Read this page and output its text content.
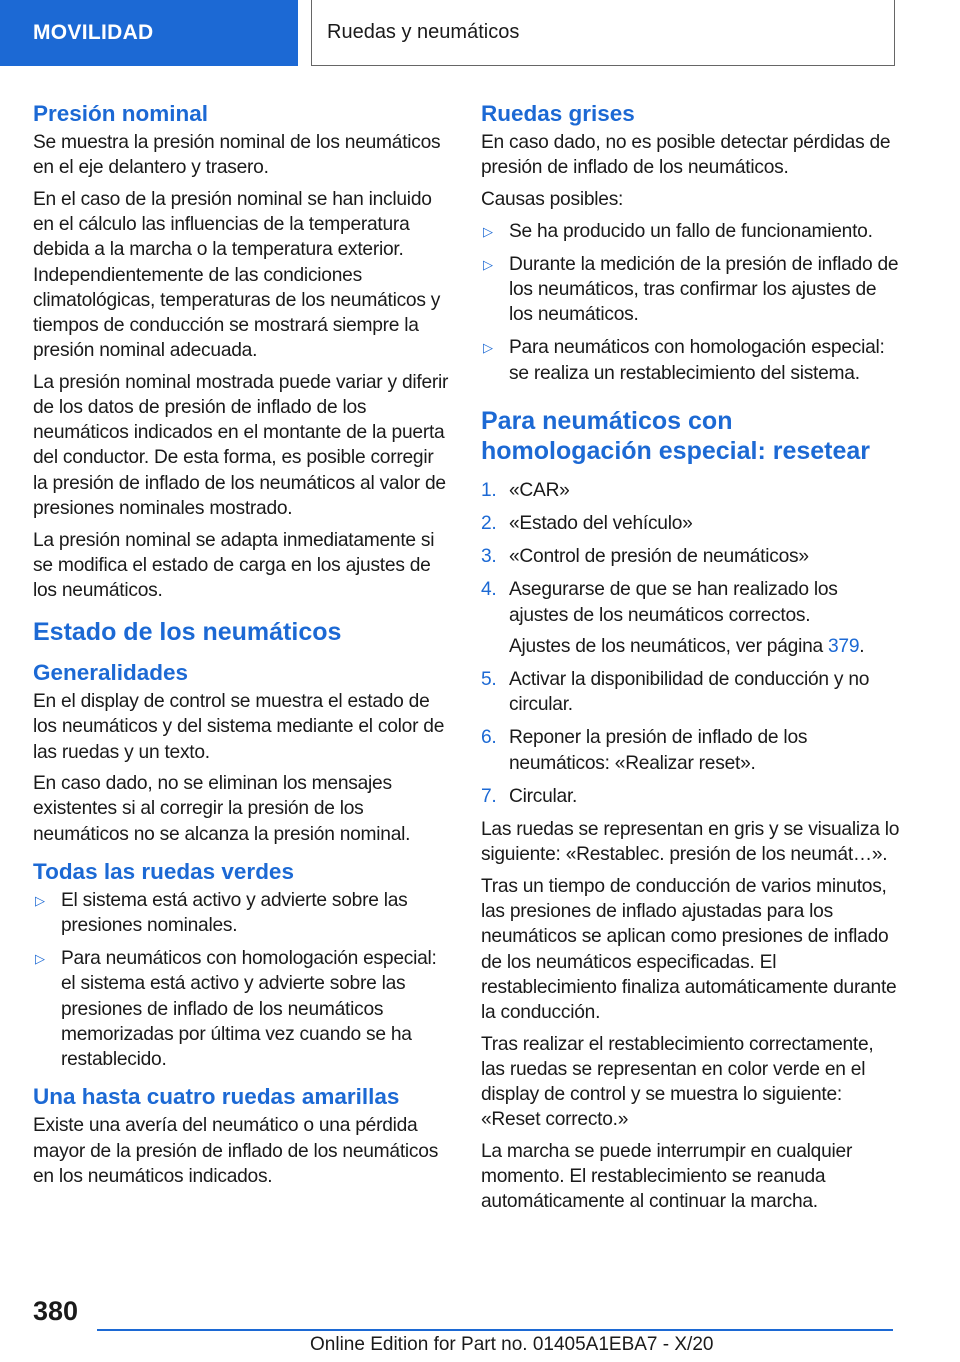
MOVILIDAD	Ruedas y neumáticos
Presión nominal

Se muestra la presión nominal de los neumáticos en el eje delantero y trasero.

En el caso de la presión nominal se han incluido en el cálculo las influencias de la temperatura debida a la marcha o la temperatura exterior. Independientemente de las condiciones climatológicas, temperaturas de los neumáticos y tiempos de conducción se mostrará siempre la presión nominal adecuada.

La presión nominal mostrada puede variar y diferir de los datos de presión de inflado de los neumáticos indicados en el montante de la puerta del conductor. De esta forma, es posible corregir la presión de inflado de los neumáticos al valor de presiones nominales mostrado.

La presión nominal se adapta inmediatamente si se modifica el estado de carga en los ajustes de los neumáticos.

Estado de los neumáticos
Generalidades

En el display de control se muestra el estado de los neumáticos y del sistema mediante el color de las ruedas y un texto.

En caso dado, no se eliminan los mensajes existentes si al corregir la presión de los neumáticos no se alcanza la presión nominal.

Todas las ruedas verdes
▷ El sistema está activo y advierte sobre las presiones nominales.
▷ Para neumáticos con homologación especial: el sistema está activo y advierte sobre las presiones de inflado de los neumáticos memorizadas por última vez cuando se ha restablecido.
Una hasta cuatro ruedas amarillas

Existe una avería del neumático o una pérdida mayor de la presión de inflado de los neumáticos en los neumáticos indicados.

Ruedas grises

En caso dado, no es posible detectar pérdidas de presión de inflado de los neumáticos.

Causas posibles:

▷ Se ha producido un fallo de funcionamiento.
▷ Durante la medición de la presión de inflado de los neumáticos, tras confirmar los ajustes de los neumáticos.
▷ Para neumáticos con homologación especial: se realiza un restablecimiento del sistema.
Para neumáticos con homologación especial: resetear
1. «CAR»
2. «Estado del vehículo»
3. «Control de presión de neumáticos»
4. Asegurarse de que se han realizado los ajustes de los neumáticos correctos.
Ajustes de los neumáticos, ver página 379.
5. Activar la disponibilidad de conducción y no circular.
6. Reponer la presión de inflado de los neumáticos: «Realizar reset».
7. Circular.

Las ruedas se representan en gris y se visualiza lo siguiente: «Restablec. presión de los neumát…».

Tras un tiempo de conducción de varios minutos, las presiones de inflado ajustadas para los neumáticos se aplican como presiones de inflado de los neumáticos especificadas. El restablecimiento finaliza automáticamente durante la conducción.

Tras realizar el restablecimiento correctamente, las ruedas se representan en color verde en el display de control y se muestra lo siguiente: «Reset correcto.»

La marcha se puede interrumpir en cualquier momento. El restablecimiento se reanuda automáticamente al continuar la marcha.

380
Online Edition for Part no. 01405A1EBA7 - X/20
